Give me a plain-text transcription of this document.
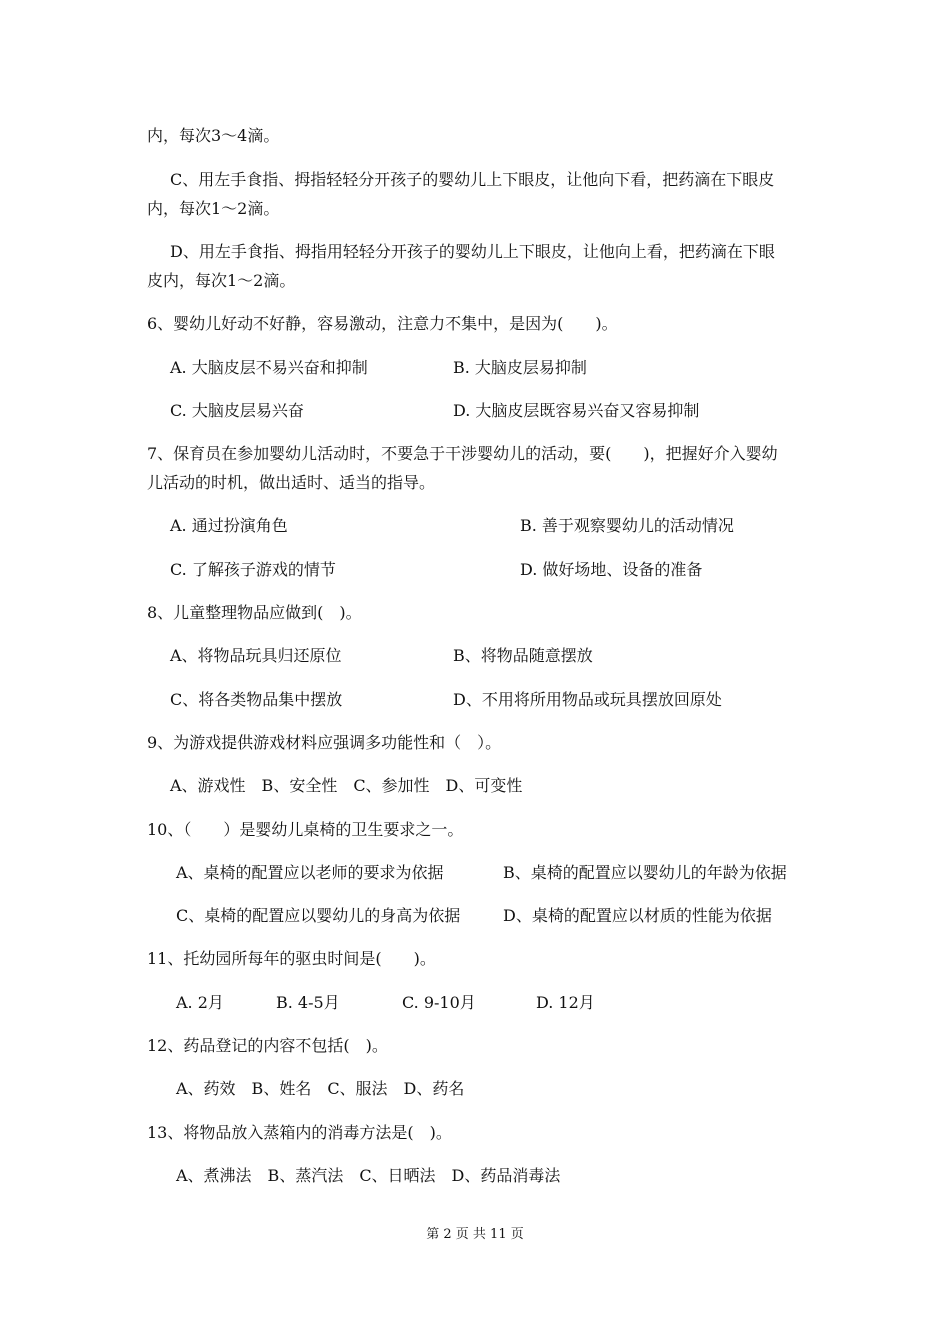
内，每次3～4滴。
C、用左手食指、拇指轻轻分开孩子的婴幼儿上下眼皮，让他向下看，把药滴在下眼皮
内，每次1～2滴。
D、用左手食指、拇指用轻轻分开孩子的婴幼儿上下眼皮，让他向上看，把药滴在下眼
皮内，每次1～2滴。
6、婴幼儿好动不好静，容易激动，注意力不集中，是因为(　　)。
A. 大脑皮层不易兴奋和抑制	B. 大脑皮层易抑制
C. 大脑皮层易兴奋	D. 大脑皮层既容易兴奋又容易抑制
7、保育员在参加婴幼儿活动时，不要急于干涉婴幼儿的活动，要(　　)，把握好介入婴幼
儿活动的时机，做出适时、适当的指导。
A. 通过扮演角色	B. 善于观察婴幼儿的活动情况
C. 了解孩子游戏的情节	D. 做好场地、设备的准备
8、儿童整理物品应做到(　)。
A、将物品玩具归还原位	B、将物品随意摆放
C、将各类物品集中摆放	D、不用将所用物品或玩具摆放回原处
9、为游戏提供游戏材料应强调多功能性和（　）。
A、游戏性　B、安全性　C、参加性　D、可变性
10、（　　）是婴幼儿桌椅的卫生要求之一。
A、桌椅的配置应以老师的要求为依据	B、桌椅的配置应以婴幼儿的年龄为依据
C、桌椅的配置应以婴幼儿的身高为依据	D、桌椅的配置应以材质的性能为依据
11、托幼园所每年的驱虫时间是(　　)。
A. 2月	B. 4-5月	C. 9-10月	D. 12月
12、药品登记的内容不包括(　)。
A、药效　B、姓名　C、服法　D、药名
13、将物品放入蒸箱内的消毒方法是(　)。
A、煮沸法　B、蒸汽法　C、日晒法　D、药品消毒法
第 2 页 共 11 页
